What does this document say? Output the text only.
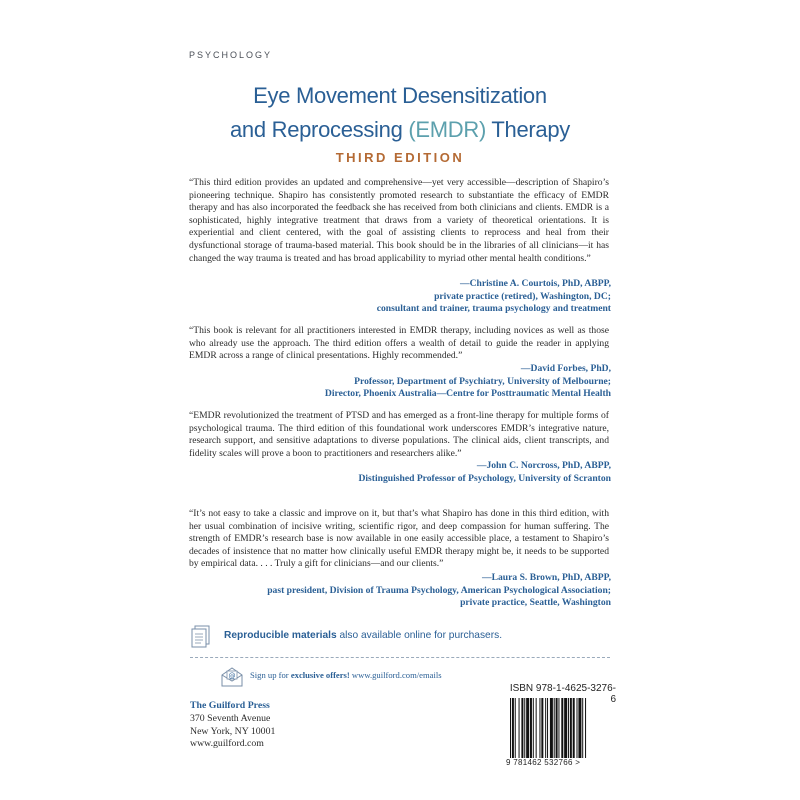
PSYCHOLOGY
Eye Movement Desensitization
and Reprocessing (EMDR) Therapy
THIRD EDITION

“This third edition provides an updated and comprehensive—yet very accessible—description of Shapiro’s pioneering technique. Shapiro has consistently promoted research to substantiate the efficacy of EMDR therapy and has also incorporated the feedback she has received from both clinicians and clients. EMDR is a sophisticated, highly integrative treatment that draws from a variety of theoretical orientations. It is experiential and client centered, with the goal of assisting clients to reprocess and heal from their dysfunctional storage of trauma-based material. This book should be in the libraries of all clinicians—it has changed the way trauma is treated and has broad applicability to myriad other mental health conditions.”

—Christine A. Courtois, PhD, ABPP,
private practice (retired), Washington, DC;
consultant and trainer, trauma psychology and treatment

“This book is relevant for all practitioners interested in EMDR therapy, including novices as well as those who already use the approach. The third edition offers a wealth of detail to guide the reader in applying EMDR across a range of clinical presentations. Highly recommended.”

—David Forbes, PhD,
Professor, Department of Psychiatry, University of Melbourne;
Director, Phoenix Australia—Centre for Posttraumatic Mental Health

“EMDR revolutionized the treatment of PTSD and has emerged as a front-line therapy for multiple forms of psychological trauma. The third edition of this foundational work underscores EMDR’s integrative nature, research support, and sensitive adaptations to diverse populations. The clinical aids, client transcripts, and fidelity scales will prove a boon to practitioners and researchers alike.”

—John C. Norcross, PhD, ABPP,
Distinguished Professor of Psychology, University of Scranton

“It’s not easy to take a classic and improve on it, but that’s what Shapiro has done in this third edition, with her usual combination of incisive writing, scientific rigor, and deep compassion for human suffering. The strength of EMDR’s research base is now available in one easily accessible place, a testament to Shapiro’s decades of insistence that no matter how clinically useful EMDR therapy might be, it needs to be supported by empirical data. . . . Truly a gift for clinicians—and our clients.”

—Laura S. Brown, PhD, ABPP,
past president, Division of Trauma Psychology, American Psychological Association;
private practice, Seattle, Washington
Reproducible materials also available online for purchasers.
@ Sign up for exclusive offers! www.guilford.com/emails
The Guilford Press
370 Seventh Avenue
New York, NY 10001
www.guilford.com
ISBN 978-1-4625-3276-6
9 781462 532766 >
